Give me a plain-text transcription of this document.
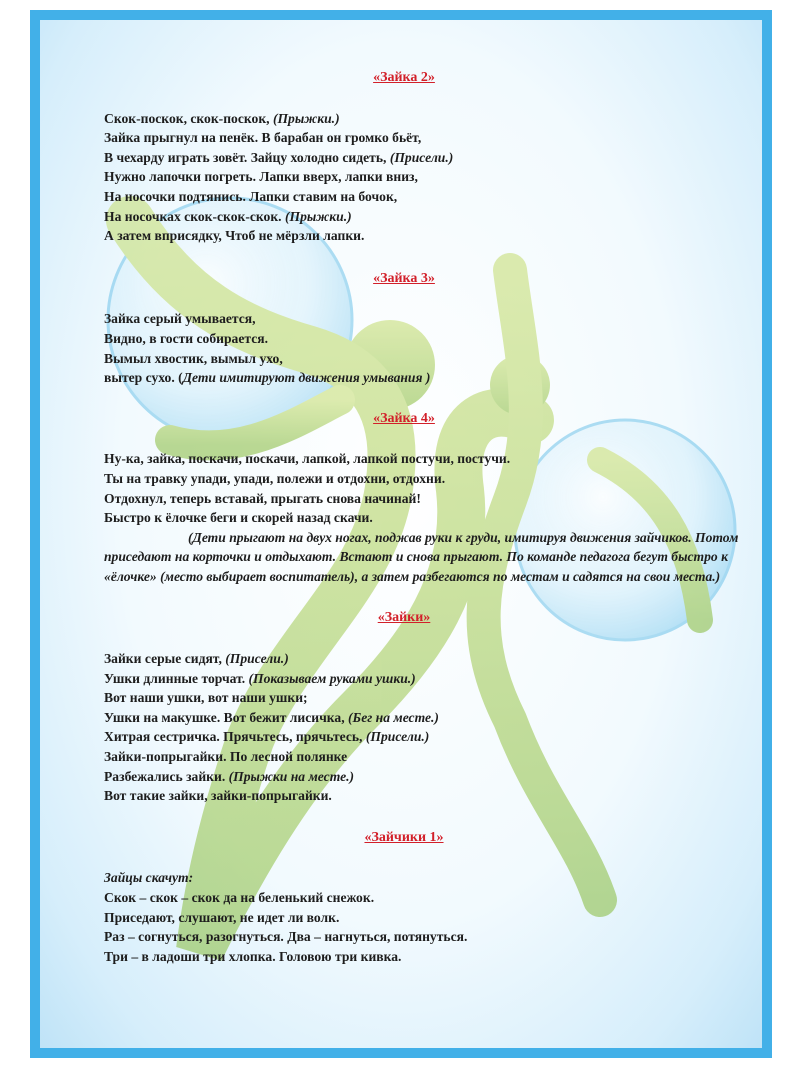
«Зайка 2»
Скок-поскок, скок-поскок, (Прыжки.)
Зайка прыгнул на пенёк. В барабан он громко бьёт,
В чехарду играть зовёт. Зайцу холодно сидеть, (Присели.)
Нужно лапочки погреть. Лапки вверх, лапки вниз,
На носочки подтянись. Лапки ставим на бочок,
На носочках скок-скок-скок. (Прыжки.)
А затем вприсядку, Чтоб не мёрзли лапки.
«Зайка 3»
Зайка серый умывается,
Видно, в гости собирается.
Вымыл хвостик, вымыл ухо,
вытер сухо. (Дети имитируют движения умывания )
«Зайка 4»
Ну-ка, зайка, поскачи, поскачи, лапкой, лапкой постучи, постучи.
Ты на травку упади, упади, полежи и отдохни, отдохни.
Отдохнул, теперь вставай, прыгать снова начинай!
Быстро к ёлочке беги и скорей назад скачи.
(Дети прыгают на двух ногах, поджав руки к груди, имитируя движения зайчиков. Потом приседают на корточки и отдыхают. Встают и снова прыгают. По команде педагога бегут быстро к «ёлочке» (место выбирает воспитатель), а затем разбегаются по местам и садятся на свои места.)
«Зайки»
Зайки серые сидят, (Присели.)
Ушки длинные торчат. (Показываем руками ушки.)
Вот наши ушки, вот наши ушки;
Ушки на макушке. Вот бежит лисичка, (Бег на месте.)
Хитрая сестричка. Прячьтесь, прячьтесь, (Присели.)
Зайки-попрыгайки. По лесной полянке
Разбежались зайки. (Прыжки на месте.)
Вот такие зайки, зайки-попрыгайки.
«Зайчики 1»
Зайцы скачут:
Скок – скок – скок да на беленький снежок.
Приседают, слушают, не идет ли волк.
Раз – согнуться, разогнуться. Два – нагнуться, потянуться.
Три – в ладоши три хлопка. Головою три кивка.
